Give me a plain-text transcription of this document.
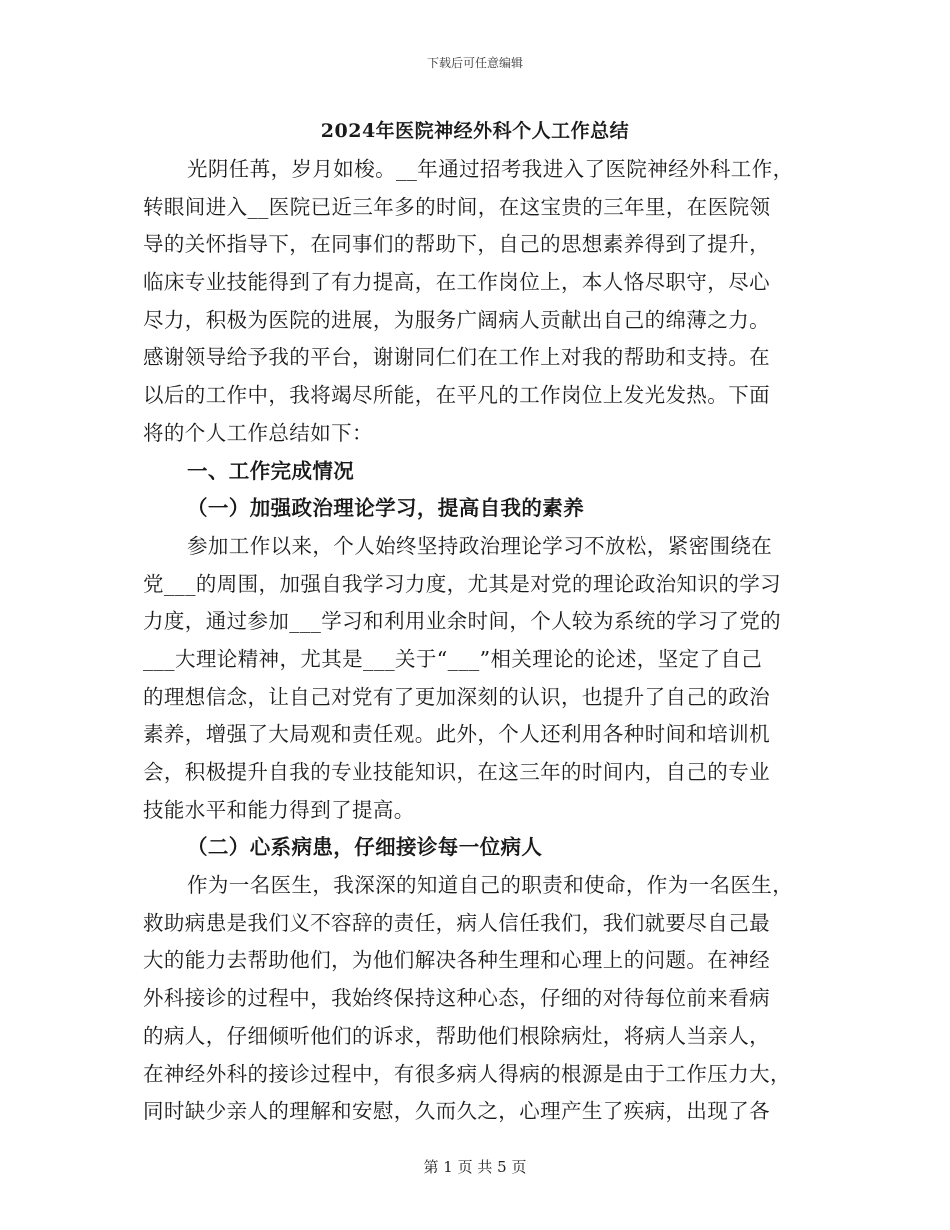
下载后可任意编辑
2024年医院神经外科个人工作总结
光阴任苒，岁月如梭。__年通过招考我进入了医院神经外科工作，
转眼间进入__医院已近三年多的时间，在这宝贵的三年里，在医院领
导的关怀指导下，在同事们的帮助下，自己的思想素养得到了提升，
临床专业技能得到了有力提高，在工作岗位上，本人恪尽职守，尽心
尽力，积极为医院的进展，为服务广阔病人贡献出自己的绵薄之力。
感谢领导给予我的平台，谢谢同仁们在工作上对我的帮助和支持。在
以后的工作中，我将竭尽所能，在平凡的工作岗位上发光发热。下面
将的个人工作总结如下：
一、工作完成情况
（一）加强政治理论学习，提高自我的素养
参加工作以来，个人始终坚持政治理论学习不放松，紧密围绕在
党___的周围，加强自我学习力度，尤其是对党的理论政治知识的学习
力度，通过参加___学习和利用业余时间，个人较为系统的学习了党的
___大理论精神，尤其是___关于“___”相关理论的论述，坚定了自己
的理想信念，让自己对党有了更加深刻的认识，也提升了自己的政治
素养，增强了大局观和责任观。此外，个人还利用各种时间和培训机
会，积极提升自我的专业技能知识，在这三年的时间内，自己的专业
技能水平和能力得到了提高。
（二）心系病患，仔细接诊每一位病人
作为一名医生，我深深的知道自己的职责和使命，作为一名医生，
救助病患是我们义不容辞的责任，病人信任我们，我们就要尽自己最
大的能力去帮助他们，为他们解决各种生理和心理上的问题。在神经
外科接诊的过程中，我始终保持这种心态，仔细的对待每位前来看病
的病人，仔细倾听他们的诉求，帮助他们根除病灶，将病人当亲人，
在神经外科的接诊过程中，有很多病人得病的根源是由于工作压力大，
同时缺少亲人的理解和安慰，久而久之，心理产生了疾病，出现了各
第 1 页 共 5 页
